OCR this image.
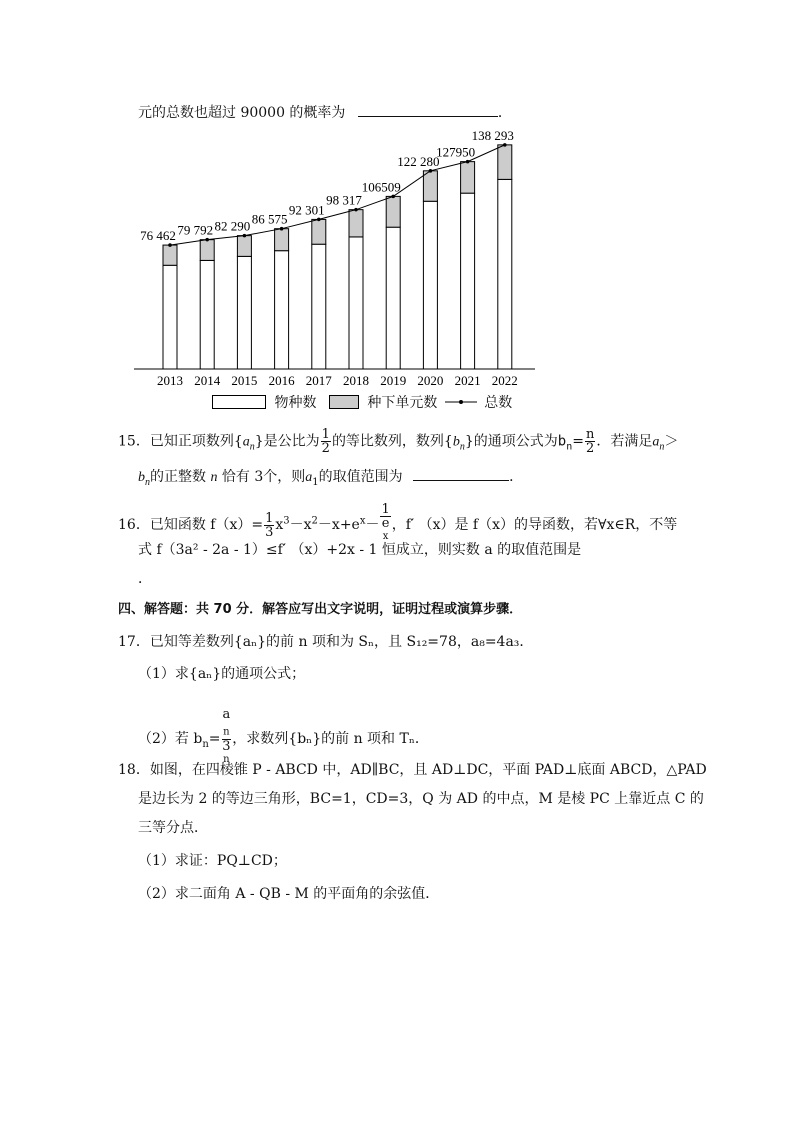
元的总数也超过 90000 的概率为	．
76 462 79 792 82 290 86 575
92 301
98 317
106509
122 280
127950
138 293
2013 2014 2015 2016 2017 2018 2019 2020 2021 2022
物种数	种下单元数	总数
15．已知正项数列$\{a_n\}$是公比为 $\frac{1}{2}$ 的等比数列，数列$\{b_n\}$的通项公式为$b_n= \frac{n}{2}$ ．若满足$a_n>$
$b_n$的正整数 n 恰有 3个，则$a_1$的取值范围为	．
16．已知函数 $f(x)= \frac{1}{3} x^3-x^2-x+e^x- 1$
e
$^x$ ，f′ （x）是 f（x）的导函数，若∀x∈R，不等
式 f（3a² - 2a - 1）≤f′ （x）+2x - 1 恒成立，则实数 a 的取值范围是
．
四、解答题：共 70 分．解答应写出文字说明，证明过程或演算步骤．
17．已知等差数列{aₙ}的前 n 项和为 Sₙ，且 S₁₂=78，a₈=4a₃．
（1）求{aₙ}的通项公式；
（2）若 $b_n= a$
$_n$
3
$^n$ ，求数列{bₙ}的前 n 项和 Tₙ．
18．如图，在四棱锥 P - ABCD 中，AD∥BC，且 AD⊥DC，平面 PAD⊥底面 ABCD，△PAD
是边长为 2 的等边三角形，BC=1，CD=3，Q 为 AD 的中点，M 是棱 PC 上靠近点 C 的
三等分点．
（1）求证：PQ⊥CD；
（2）求二面角 A - QB - M 的平面角的余弦值．
